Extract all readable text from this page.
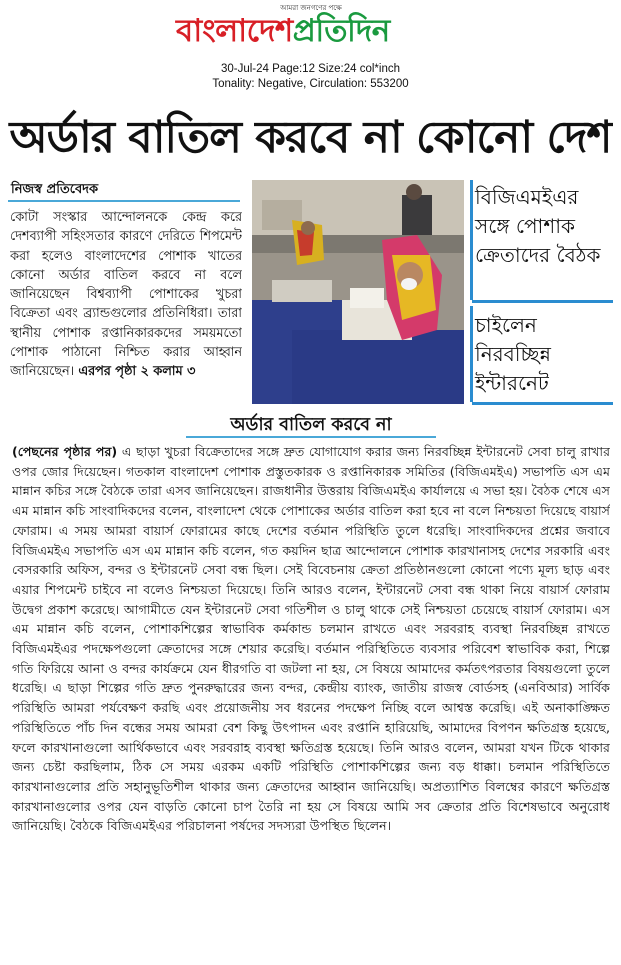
আমরা জনগণের পক্ষে
বাংলাদেশপ্রতিদিন
30-Jul-24 Page:12 Size:24 col*inch
Tonality: Negative, Circulation: 553200
অর্ডার বাতিল করবে না কোনো দেশ
নিজস্ব প্রতিবেদক
কোটা সংস্কার আন্দোলনকে কেন্দ্র করে দেশব্যাপী সহিংসতার কারণে দেরিতে শিপমেন্ট করা হলেও বাংলাদেশের পোশাক খাতের কোনো অর্ডার বাতিল করবে না বলে জানিয়েছেন বিশ্বব্যাপী পোশাকের খুচরা বিক্রেতা এবং ব্র্যান্ডগুলোর প্রতিনিধিরা। তারা স্থানীয় পোশাক রপ্তানিকারকদের সময়মতো পোশাক পাঠানো নিশ্চিত করার আহ্বান জানিয়েছেন। এরপর পৃষ্ঠা ২ কলাম ৩
বিজিএমইএর সঙ্গে পোশাক ক্রেতাদের বৈঠক
চাইলেন নিরবচ্ছিন্ন ইন্টারনেট
অর্ডার বাতিল করবে না
(পেছনের পৃষ্ঠার পর) এ ছাড়া খুচরা বিক্রেতাদের সঙ্গে দ্রুত যোগাযোগ করার জন্য নিরবচ্ছিন্ন ইন্টারনেট সেবা চালু রাখার ওপর জোর দিয়েছেন। গতকাল বাংলাদেশ পোশাক প্রস্তুতকারক ও রপ্তানিকারক সমিতির (বিজিএমইএ) সভাপতি এস এম মান্নান কচির সঙ্গে বৈঠকে তারা এসব জানিয়েছেন। রাজধানীর উত্তরায় বিজিএমইএ কার্যালয়ে এ সভা হয়। বৈঠক শেষে এস এম মান্নান কচি সাংবাদিকদের বলেন, বাংলাদেশ থেকে পোশাকের অর্ডার বাতিল করা হবে না বলে নিশ্চয়তা দিয়েছে বায়ার্স ফোরাম। এ সময় আমরা বায়ার্স ফোরামের কাছে দেশের বর্তমান পরিস্থিতি তুলে ধরেছি। সাংবাদিকদের প্রশ্নের জবাবে বিজিএমইএ সভাপতি এস এম মান্নান কচি বলেন, গত কয়দিন ছাত্র আন্দোলনে পোশাক কারখানাসহ দেশের সরকারি এবং বেসরকারি অফিস, বন্দর ও ইন্টারনেট সেবা বন্ধ ছিল। সেই বিবেচনায় ক্রেতা প্রতিষ্ঠানগুলো কোনো পণ্যে মূল্য ছাড় এবং এয়ার শিপমেন্ট চাইবে না বলেও নিশ্চয়তা দিয়েছে। তিনি আরও বলেন, ইন্টারনেট সেবা বন্ধ থাকা নিয়ে বায়ার্স ফোরাম উদ্বেগ প্রকাশ করেছে। আগামীতে যেন ইন্টারনেট সেবা গতিশীল ও চালু থাকে সেই নিশ্চয়তা চেয়েছে বায়ার্স ফোরাম। এস এম মান্নান কচি বলেন, পোশাকশিল্পের স্বাভাবিক কর্মকান্ড চলমান রাখতে এবং সরবরাহ ব্যবস্থা নিরবচ্ছিন্ন রাখতে বিজিএমইএর পদক্ষেপগুলো ক্রেতাদের সঙ্গে শেয়ার করেছি। বর্তমান পরিস্থিতিতে ব্যবসার পরিবেশ স্বাভাবিক করা, শিল্পে গতি ফিরিয়ে আনা ও বন্দর কার্যক্রমে যেন ধীরগতি বা জটলা না হয়, সে বিষয়ে আমাদের কর্মতৎপরতার বিষয়গুলো তুলে ধরেছি। এ ছাড়া শিল্পের গতি দ্রুত পুনরুদ্ধারের জন্য বন্দর, কেন্দ্রীয় ব্যাংক, জাতীয় রাজস্ব বোর্ডসহ (এনবিআর) সার্বিক পরিস্থিতি আমরা পর্যবেক্ষণ করছি এবং প্রয়োজনীয় সব ধরনের পদক্ষেপ নিচ্ছি বলে আশ্বস্ত করেছি। এই অনাকাঙ্ক্ষিত পরিস্থিতিতে পাঁচ দিন বন্ধের সময় আমরা বেশ কিছু উৎপাদন এবং রপ্তানি হারিয়েছি, আমাদের বিপণন ক্ষতিগ্রস্ত হয়েছে, ফলে কারখানাগুলো আর্থিকভাবে এবং সরবরাহ ব্যবস্থা ক্ষতিগ্রস্ত হয়েছে। তিনি আরও বলেন, আমরা যখন টিকে থাকার জন্য চেষ্টা করছিলাম, ঠিক সে সময় এরকম একটি পরিস্থিতি পোশাকশিল্পের জন্য বড় ধাক্কা। চলমান পরিস্থিতিতে কারখানাগুলোর প্রতি সহানুভূতিশীল থাকার জন্য ক্রেতাদের আহ্বান জানিয়েছি। অপ্রত্যাশিত বিলম্বের কারণে ক্ষতিগ্রস্ত কারখানাগুলোর ওপর যেন বাড়তি কোনো চাপ তৈরি না হয় সে বিষয়ে আমি সব ক্রেতার প্রতি বিশেষভাবে অনুরোধ জানিয়েছি। বৈঠকে বিজিএমইএর পরিচালনা পর্ষদের সদস্যরা উপস্থিত ছিলেন।
